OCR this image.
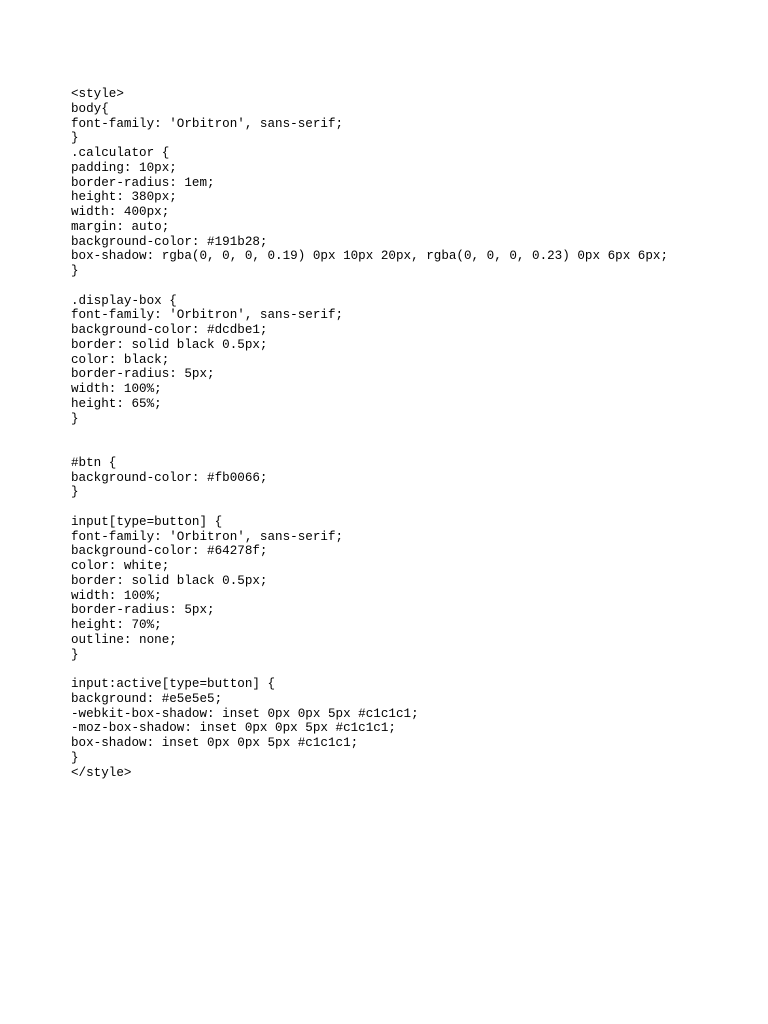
<style>
body{
font-family: 'Orbitron', sans-serif;
}
.calculator {
padding: 10px;
border-radius: 1em;
height: 380px;
width: 400px;
margin: auto;
background-color: #191b28;
box-shadow: rgba(0, 0, 0, 0.19) 0px 10px 20px, rgba(0, 0, 0, 0.23) 0px 6px 6px;
}
.display-box {
font-family: 'Orbitron', sans-serif;
background-color: #dcdbe1;
border: solid black 0.5px;
color: black;
border-radius: 5px;
width: 100%;
height: 65%;
}
#btn {
background-color: #fb0066;
}
input[type=button] {
font-family: 'Orbitron', sans-serif;
background-color: #64278f;
color: white;
border: solid black 0.5px;
width: 100%;
border-radius: 5px;
height: 70%;
outline: none;
}
input:active[type=button] {
background: #e5e5e5;
-webkit-box-shadow: inset 0px 0px 5px #c1c1c1;
-moz-box-shadow: inset 0px 0px 5px #c1c1c1;
box-shadow: inset 0px 0px 5px #c1c1c1;
}
</style>
